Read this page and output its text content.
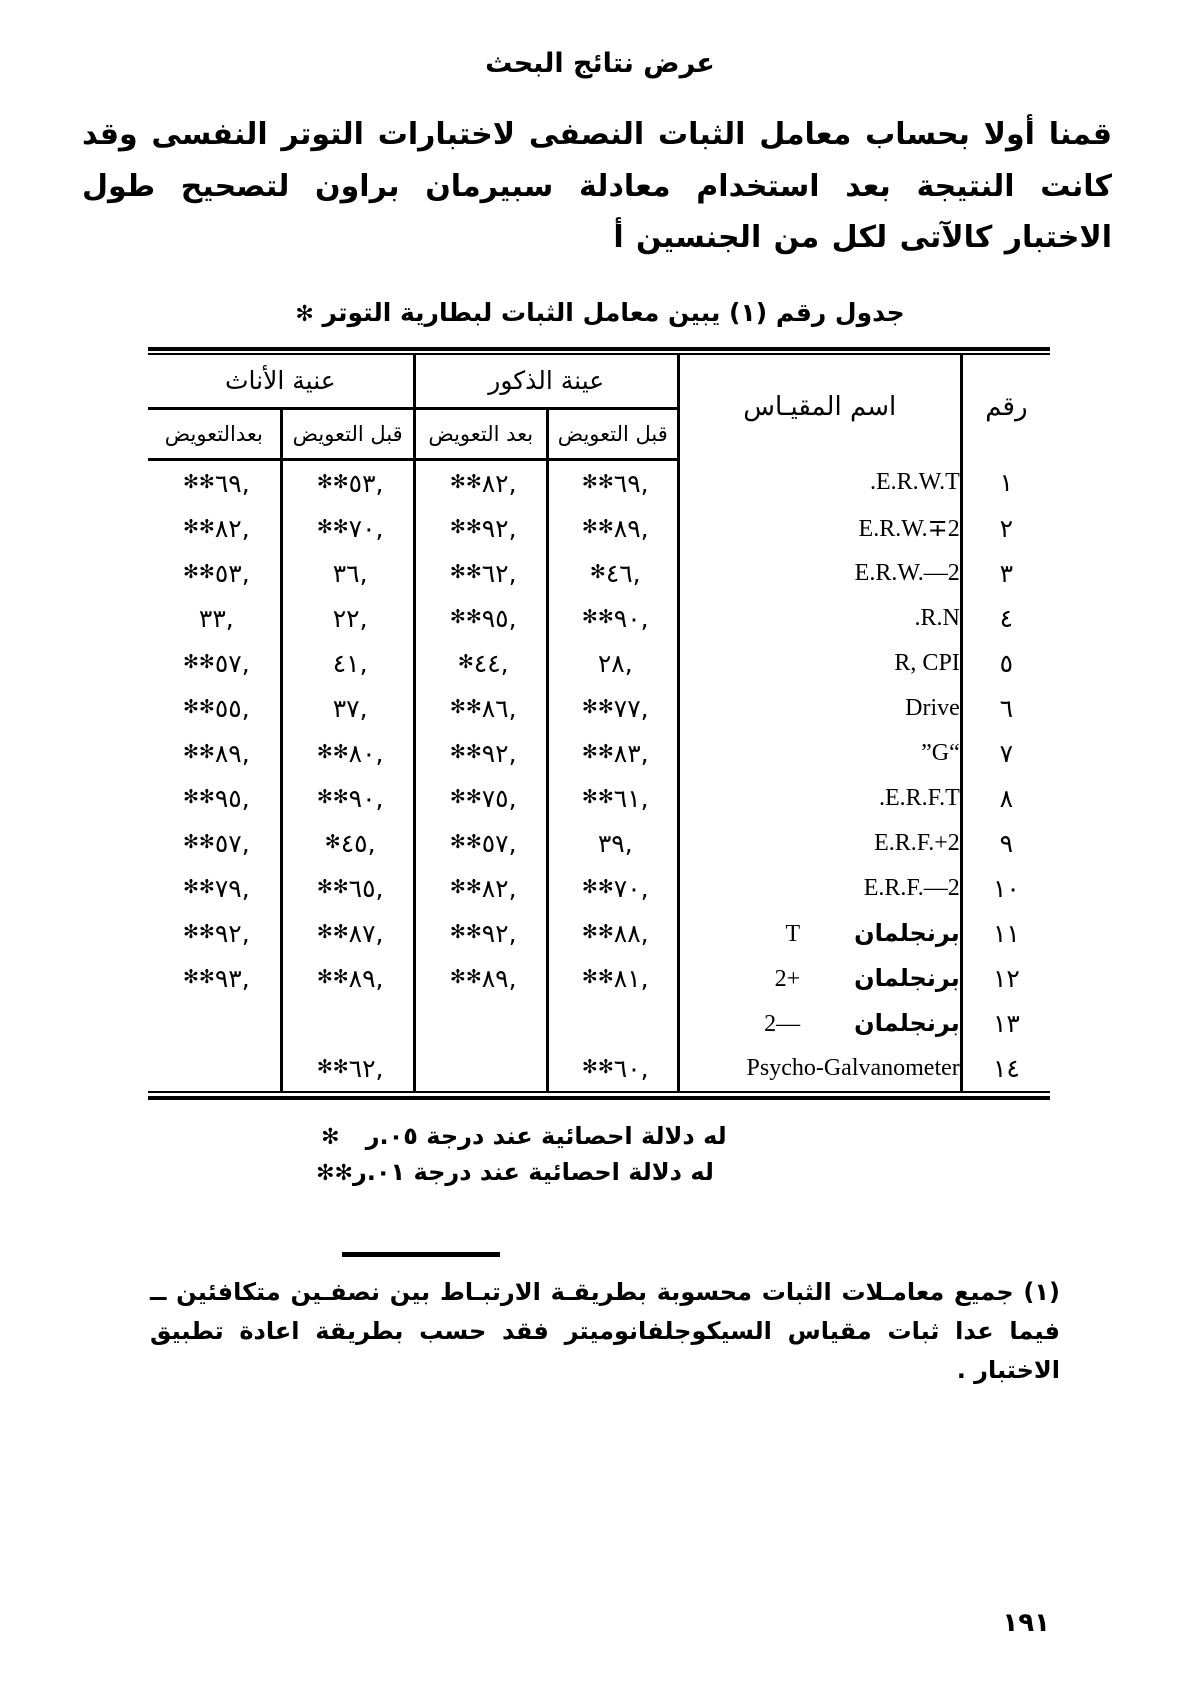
عرض نتائج البحث
قمنا أولا بحساب معامل الثبات النصفى لاختبارات التوتر النفسى وقد كانت النتيجة بعد استخدام معادلة سبيرمان براون لتصحيح طول الاختبار كالآتى لكل من الجنسين أ
جدول رقم (١) يبين معامل الثبات لبطارية التوتر ✻
رقم	اسم المقيـاس	عينة الذكور		عنية الأناث	
		قبل التعويض	بعد التعويض	قبل التعويض	بعدالتعويض
١	E.R.W.T.	✻✻٦٩,	✻✻٨٢,	✻✻٥٣,	✻✻٦٩,
٢	E.R.W.∓2	✻✻٨٩,	✻✻٩٢,	✻✻٧٠,	✻✻٨٢,
٣	E.R.W.—2	✻٤٦,	✻✻٦٢,	٣٦,	✻✻٥٣,
٤	R.N.	✻✻٩٠,	✻✻٩٥,	٢٢,	٣٣,
٥	R, CPI	٢٨,	✻٤٤,	٤١,	✻✻٥٧,
٦	Drive	✻✻٧٧,	✻✻٨٦,	٣٧,	✻✻٥٥,
٧	“G”	✻✻٨٣,	✻✻٩٢,	✻✻٨٠,	✻✻٨٩,
٨	E.R.F.T.	✻✻٦١,	✻✻٧٥,	✻✻٩٠,	✻✻٩٥,
٩	E.R.F.+2	٣٩,	✻✻٥٧,	✻٤٥,	✻✻٥٧,
١٠	E.R.F.—2	✻✻٧٠,	✻✻٨٢,	✻✻٦٥,	✻✻٧٩,
١١	برنجلمانT	✻✻٨٨,	✻✻٩٢,	✻✻٨٧,	✻✻٩٢,
١٢	برنجلمان+2	✻✻٨١,	✻✻٨٩,	✻✻٨٩,	✻✻٩٣,
١٣	برنجلمان—2				
١٤	Psycho-Galvanometer	✻✻٦٠,		✻✻٦٢,	
له دلالة احصائية عند درجة ٠٥.ر ✻
له دلالة احصائية عند درجة ٠١.ر✻✻
(١) جميع معامـلات الثبات محسوبة بطريقـة الارتبـاط بين نصفـين متكافئين ــ فيما عدا ثبات مقياس السيكوجلفانوميتر فقد حسب بطريقة اعادة تطبيق الاختبار .
١٩١
